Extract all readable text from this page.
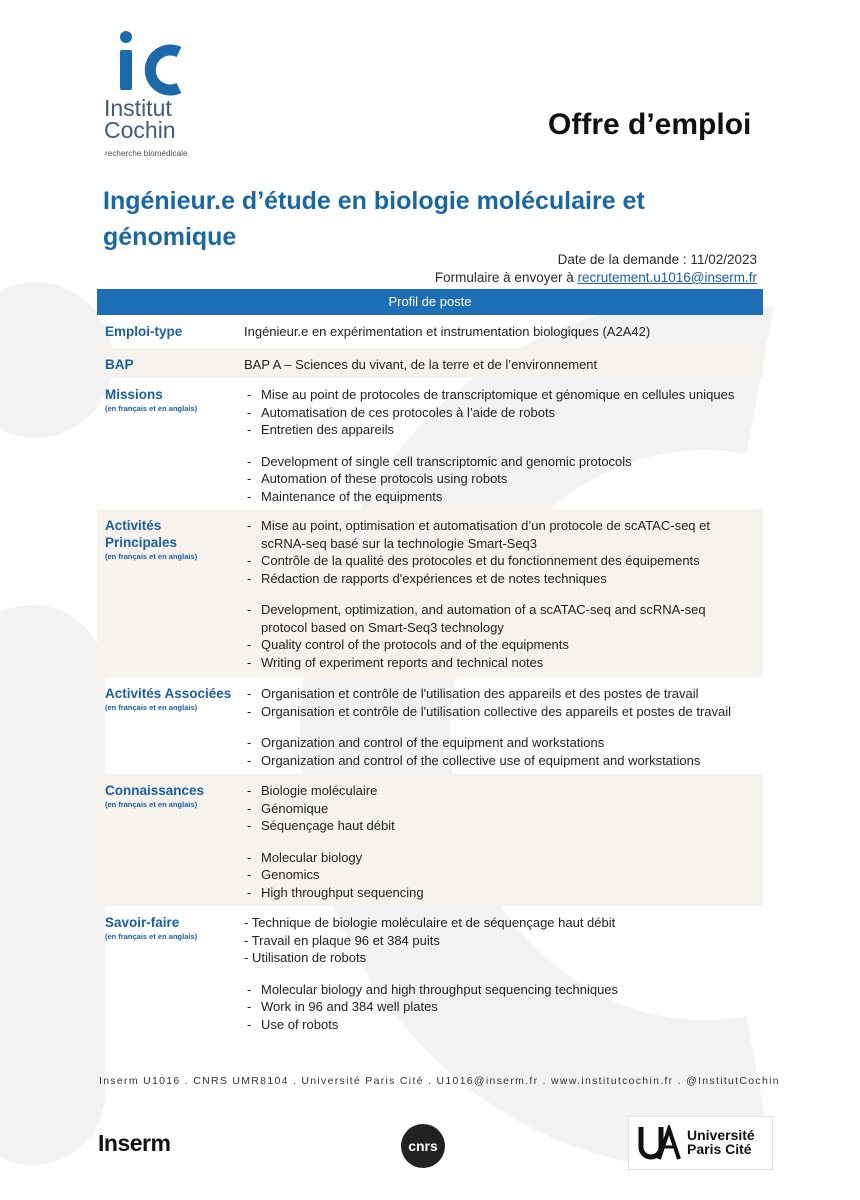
Institut
Cochin
recherche biomédicale
Offre d’emploi
Ingénieur.e d’étude en biologie moléculaire et génomique
Date de la demande : 11/02/2023
Formulaire à envoyer à recrutement.u1016@inserm.fr
Profil de poste
Emploi-type	Ingénieur.e en expérimentation et instrumentation biologiques (A2A42)
BAP	BAP A – Sciences du vivant, de la terre et de l’environnement
Missions
(en français et en anglais)
- Mise au point de protocoles de transcriptomique et génomique en cellules uniques
- Automatisation de ces protocoles à l’aide de robots
- Entretien des appareils
- Development of single cell transcriptomic and genomic protocols
- Automation of these protocols using robots
- Maintenance of the equipments
Activités Principales
(en français et en anglais)
- Mise au point, optimisation et automatisation d’un protocole de scATAC-seq et scRNA-seq basé sur la technologie Smart-Seq3
- Contrôle de la qualité des protocoles et du fonctionnement des équipements
- Rédaction de rapports d'expériences et de notes techniques
- Development, optimization, and automation of a scATAC-seq and scRNA-seq protocol based on Smart-Seq3 technology
- Quality control of the protocols and of the equipments
- Writing of experiment reports and technical notes
Activités Associées
(en français et en anglais)
- Organisation et contrôle de l'utilisation des appareils et des postes de travail
- Organisation et contrôle de l'utilisation collective des appareils et postes de travail
- Organization and control of the equipment and workstations
- Organization and control of the collective use of equipment and workstations
Connaissances
(en français et en anglais)
- Biologie moléculaire
- Génomique
- Séquençage haut débit
- Molecular biology
- Genomics
- High throughput sequencing
Savoir-faire
(en français et en anglais)
- Technique de biologie moléculaire et de séquençage haut débit
- Travail en plaque 96 et 384 puits
- Utilisation de robots
- Molecular biology and high throughput sequencing techniques
- Work in 96 and 384 well plates
- Use of robots
Inserm U1016 . CNRS UMR8104 . Université Paris Cité . U1016@inserm.fr . www.institutcochin.fr . @InstitutCochin
Inserm	cnrs
Université
Paris Cité
